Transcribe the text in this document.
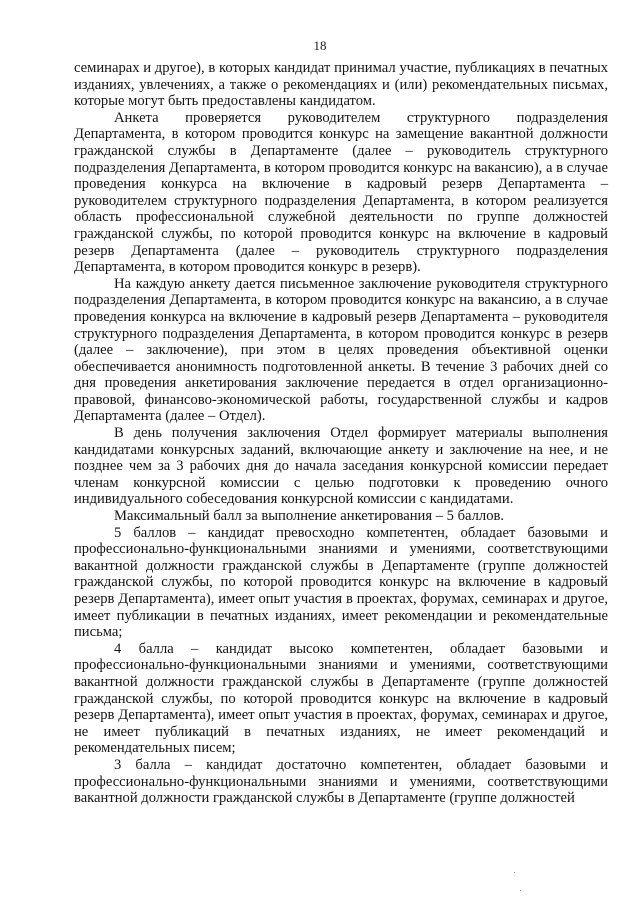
18

семинарах и другое), в которых кандидат принимал участие, публикациях в печатных изданиях, увлечениях, а также о рекомендациях и (или) рекомендательных письмах, которые могут быть предоставлены кандидатом.

Анкета проверяется руководителем структурного подразделения Департамента, в котором проводится конкурс на замещение вакантной должности гражданской службы в Департаменте (далее – руководитель структурного подразделения Департамента, в котором проводится конкурс на вакансию), а в случае проведения конкурса на включение в кадровый резерв Департамента – руководителем структурного подразделения Департамента, в котором реализуется область профессиональной служебной деятельности по группе должностей гражданской службы, по которой проводится конкурс на включение в кадровый резерв Департамента (далее – руководитель структурного подразделения Департамента, в котором проводится конкурс в резерв).

На каждую анкету дается письменное заключение руководителя структурного подразделения Департамента, в котором проводится конкурс на вакансию, а в случае проведения конкурса на включение в кадровый резерв Департамента – руководителя структурного подразделения Департамента, в котором проводится конкурс в резерв (далее – заключение), при этом в целях проведения объективной оценки обеспечивается анонимность подготовленной анкеты. В течение 3 рабочих дней со дня проведения анкетирования заключение передается в отдел организационно-правовой, финансово-экономической работы, государственной службы и кадров Департамента (далее – Отдел).

В день получения заключения Отдел формирует материалы выполнения кандидатами конкурсных заданий, включающие анкету и заключение на нее, и не позднее чем за 3 рабочих дня до начала заседания конкурсной комиссии передает членам конкурсной комиссии с целью подготовки к проведению очного индивидуального собеседования конкурсной комиссии с кандидатами.

Максимальный балл за выполнение анкетирования – 5 баллов.

5 баллов – кандидат превосходно компетентен, обладает базовыми и профессионально-функциональными знаниями и умениями, соответствующими вакантной должности гражданской службы в Департаменте (группе должностей гражданской службы, по которой проводится конкурс на включение в кадровый резерв Департамента), имеет опыт участия в проектах, форумах, семинарах и другое, имеет публикации в печатных изданиях, имеет рекомендации и рекомендательные письма;

4 балла – кандидат высоко компетентен, обладает базовыми и профессионально-функциональными знаниями и умениями, соответствующими вакантной должности гражданской службы в Департаменте (группе должностей гражданской службы, по которой проводится конкурс на включение в кадровый резерв Департамента), имеет опыт участия в проектах, форумах, семинарах и другое, не имеет публикаций в печатных изданиях, не имеет рекомендаций и рекомендательных писем;

3 балла – кандидат достаточно компетентен, обладает базовыми и профессионально-функциональными знаниями и умениями, соответствующими вакантной должности гражданской службы в Департаменте (группе должностей
